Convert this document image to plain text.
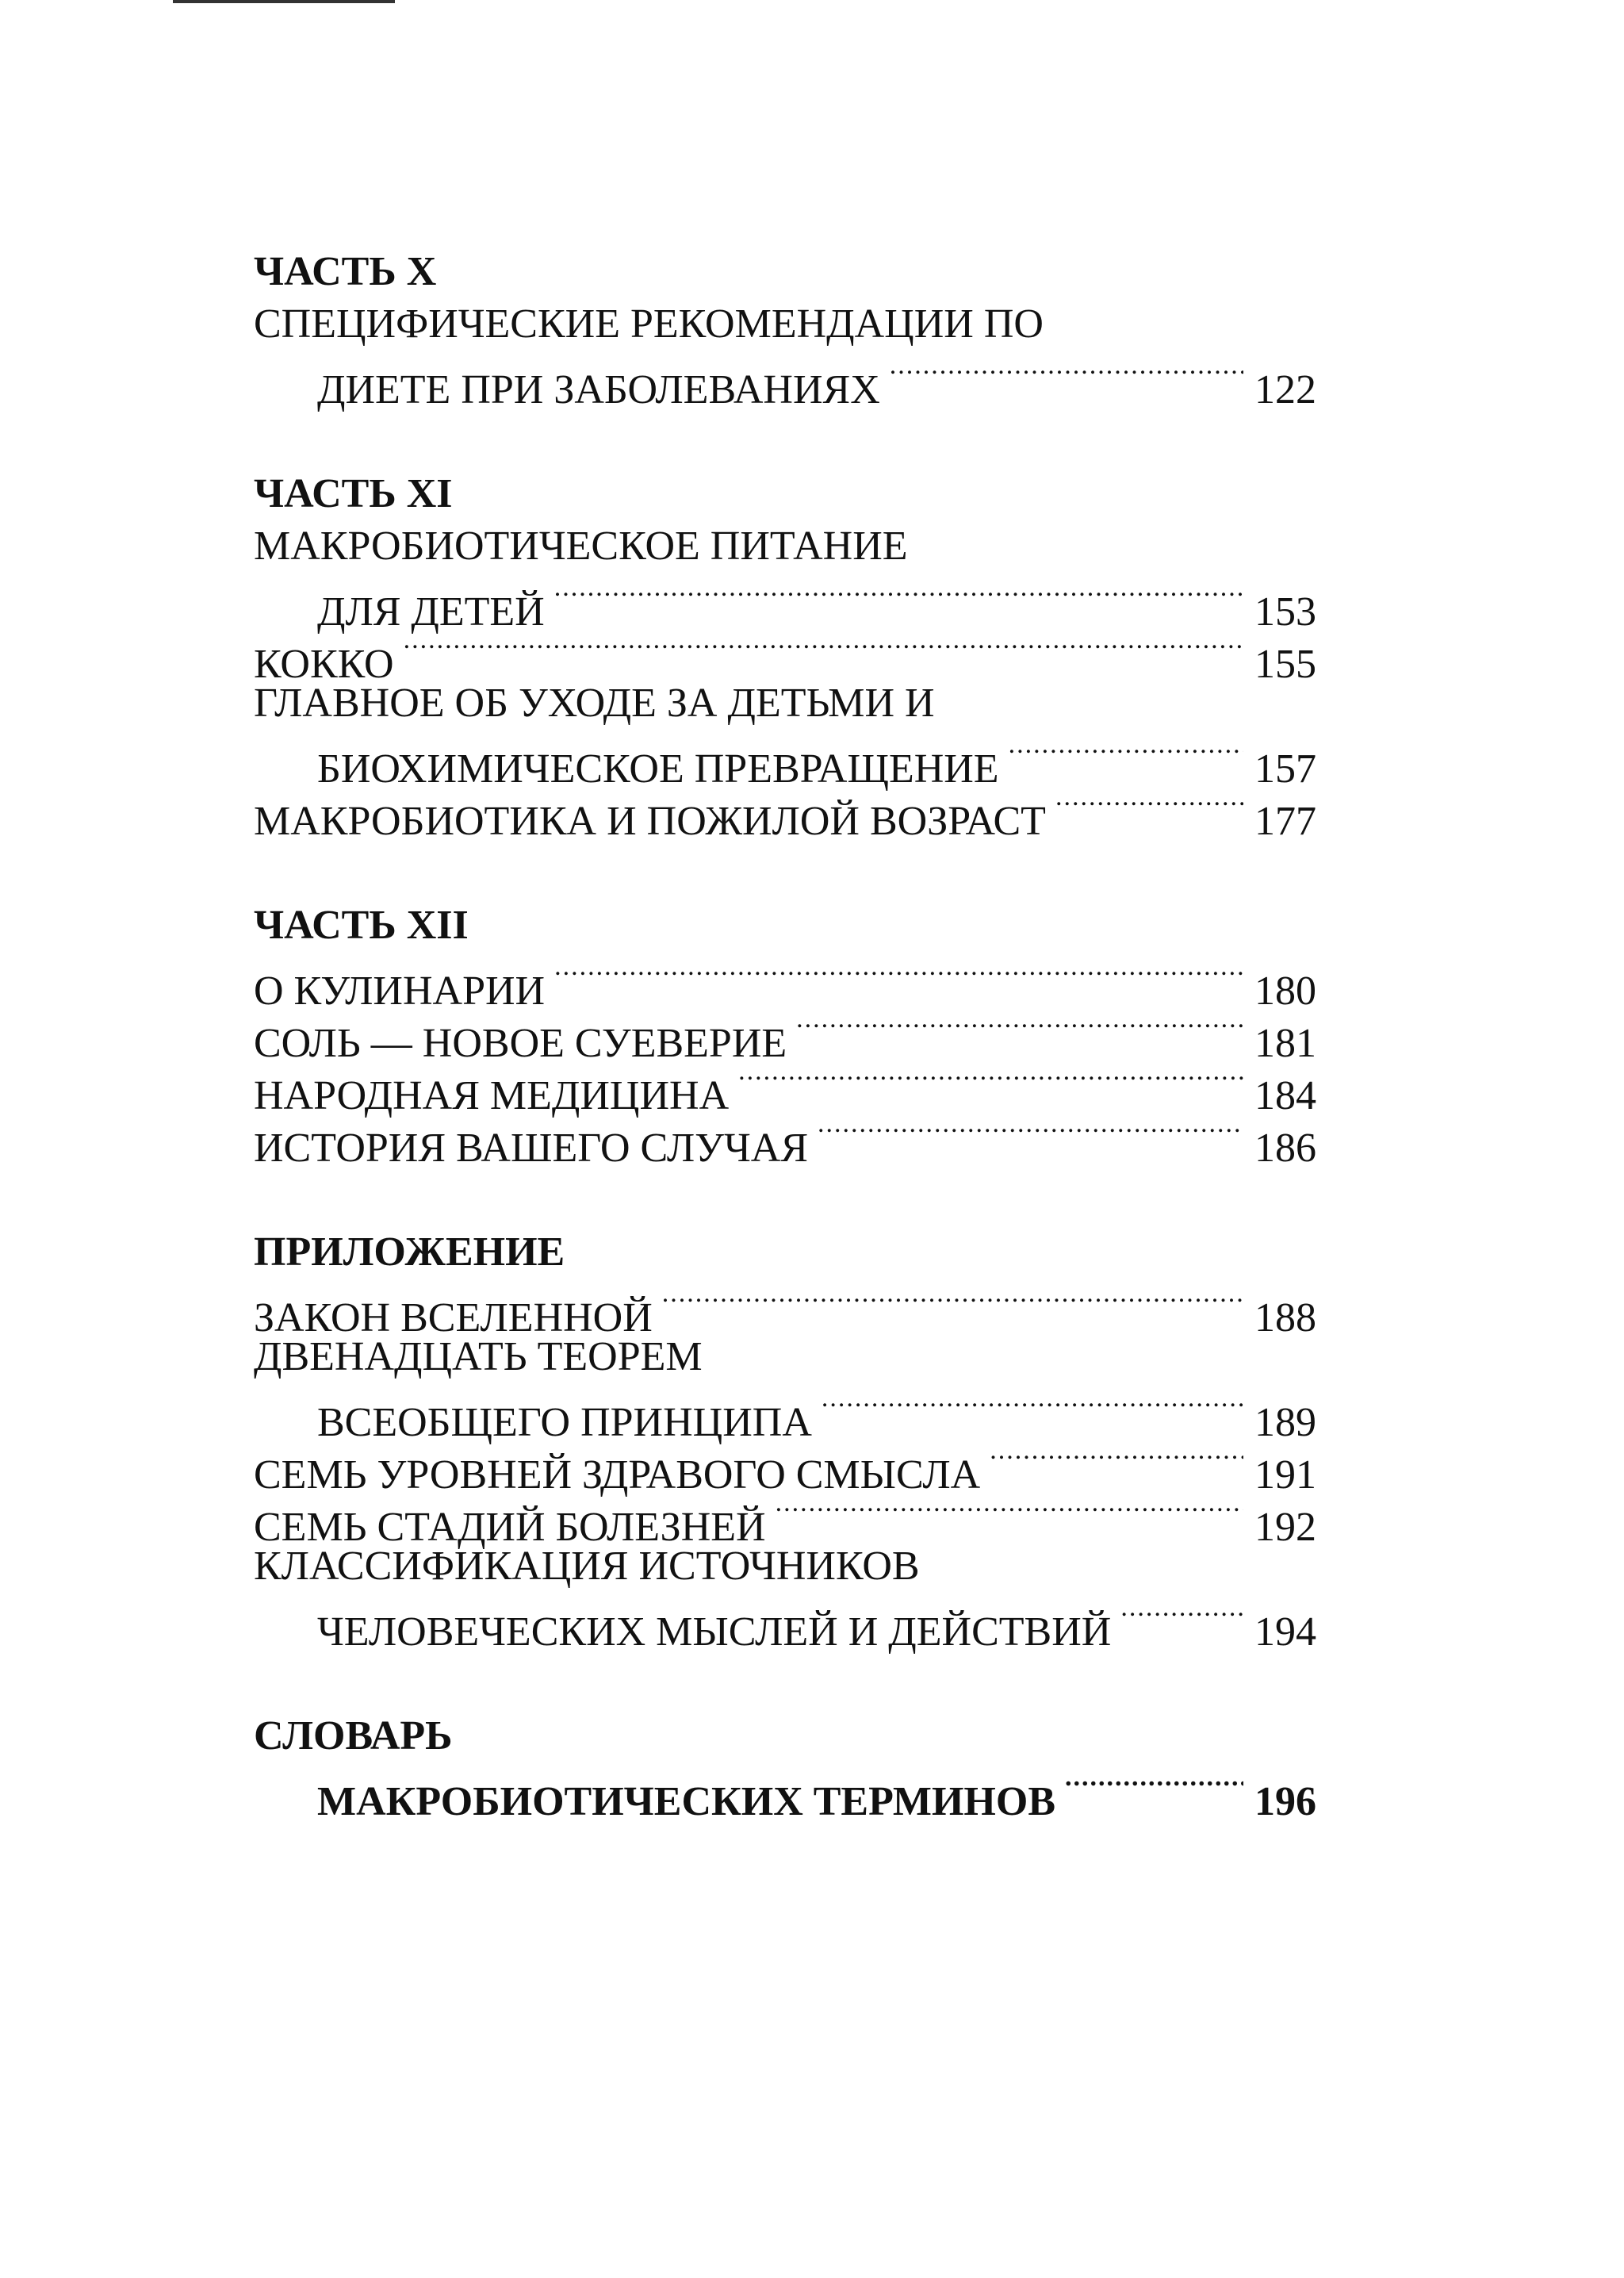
ЧАСТЬ X
СПЕЦИФИЧЕСКИЕ РЕКОМЕНДАЦИИ ПО
ДИЕТЕ ПРИ ЗАБОЛЕВАНИЯХ .....	122
ЧАСТЬ XI
МАКРОБИОТИЧЕСКОЕ ПИТАНИЕ
ДЛЯ ДЕТЕЙ .....	153
КОККО .....	155
ГЛАВНОЕ ОБ УХОДЕ ЗА ДЕТЬМИ И
БИОХИМИЧЕСКОЕ ПРЕВРАЩЕНИЕ .....	157
МАКРОБИОТИКА И ПОЖИЛОЙ ВОЗРАСТ .....	177
ЧАСТЬ XII
О КУЛИНАРИИ .....	180
СОЛЬ — НОВОЕ СУЕВЕРИЕ .....	181
НАРОДНАЯ МЕДИЦИНА .....	184
ИСТОРИЯ ВАШЕГО СЛУЧАЯ .....	186
ПРИЛОЖЕНИЕ
ЗАКОН ВСЕЛЕННОЙ .....	188
ДВЕНАДЦАТЬ ТЕОРЕМ
ВСЕОБЩЕГО ПРИНЦИПА .....	189
СЕМЬ УРОВНЕЙ ЗДРАВОГО СМЫСЛА .....	191
СЕМЬ СТАДИЙ БОЛЕЗНЕЙ .....	192
КЛАССИФИКАЦИЯ ИСТОЧНИКОВ
ЧЕЛОВЕЧЕСКИХ МЫСЛЕЙ И ДЕЙСТВИЙ .....	194
СЛОВАРЬ
МАКРОБИОТИЧЕСКИХ ТЕРМИНОВ .....	196
